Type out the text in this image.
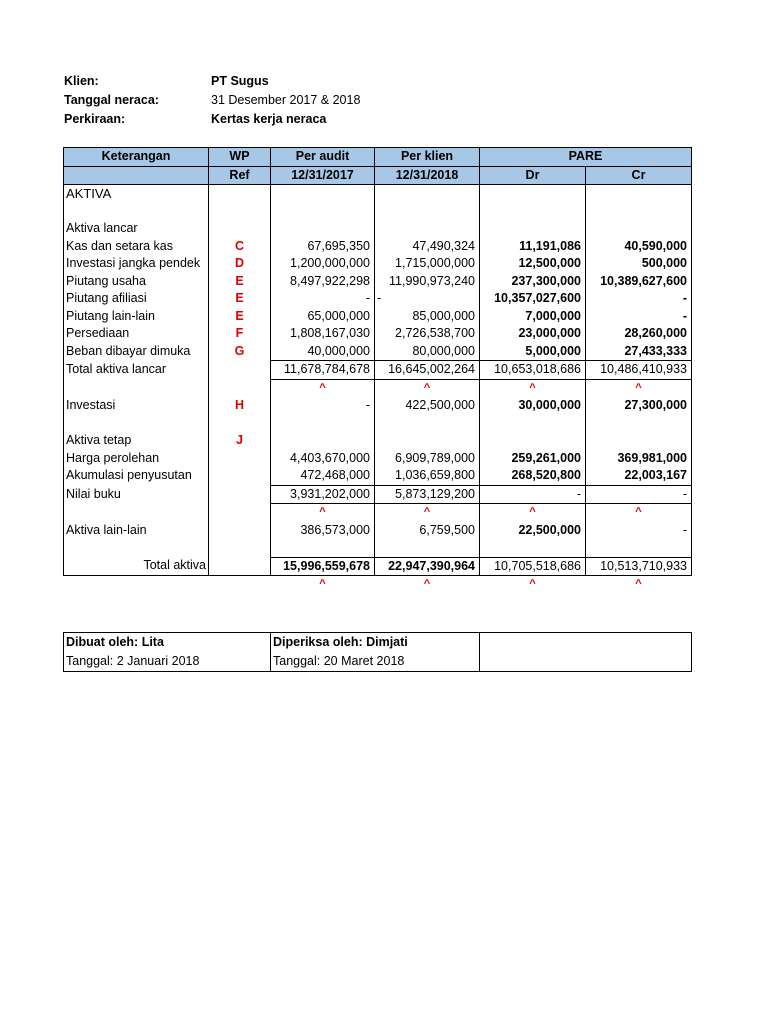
Klien:	PT Sugus
Tanggal neraca:	31 Desember 2017 & 2018
Perkiraan:	Kertas kerja neraca
Keterangan	WP	Per audit	Per klien	PARE	
	Ref	12/31/2017	12/31/2018	Dr	Cr
AKTIVA					

Aktiva lancar					
Kas dan setara kas	C	67,695,350	47,490,324	11,191,086	40,590,000
Investasi jangka pendek	D	1,200,000,000	1,715,000,000	12,500,000	500,000
Piutang usaha	E	8,497,922,298	11,990,973,240	237,300,000	10,389,627,600
Piutang afiliasi	E	-	-	10,357,027,600	-
Piutang lain-lain	E	65,000,000	85,000,000	7,000,000	-
Persediaan	F	1,808,167,030	2,726,538,700	23,000,000	28,260,000
Beban dibayar dimuka	G	40,000,000	80,000,000	5,000,000	27,433,333
Total aktiva lancar		11,678,784,678	16,645,002,264	10,653,018,686	10,486,410,933
		^	^	^	^
Investasi	H	-	422,500,000	30,000,000	27,300,000

Aktiva tetap	J				
Harga perolehan		4,403,670,000	6,909,789,000	259,261,000	369,981,000
Akumulasi penyusutan		472,468,000	1,036,659,800	268,520,800	22,003,167
Nilai buku		3,931,202,000	5,873,129,200	-	-
		^	^	^	^
Aktiva lain-lain		386,573,000	6,759,500	22,500,000	-

Total aktiva		15,996,559,678	22,947,390,964	10,705,518,686	10,513,710,933
		^	^	^	^
Dibuat oleh: Lita	Diperiksa oleh: Dimjati	
Tanggal: 2 Januari 2018	Tanggal: 20 Maret 2018	
